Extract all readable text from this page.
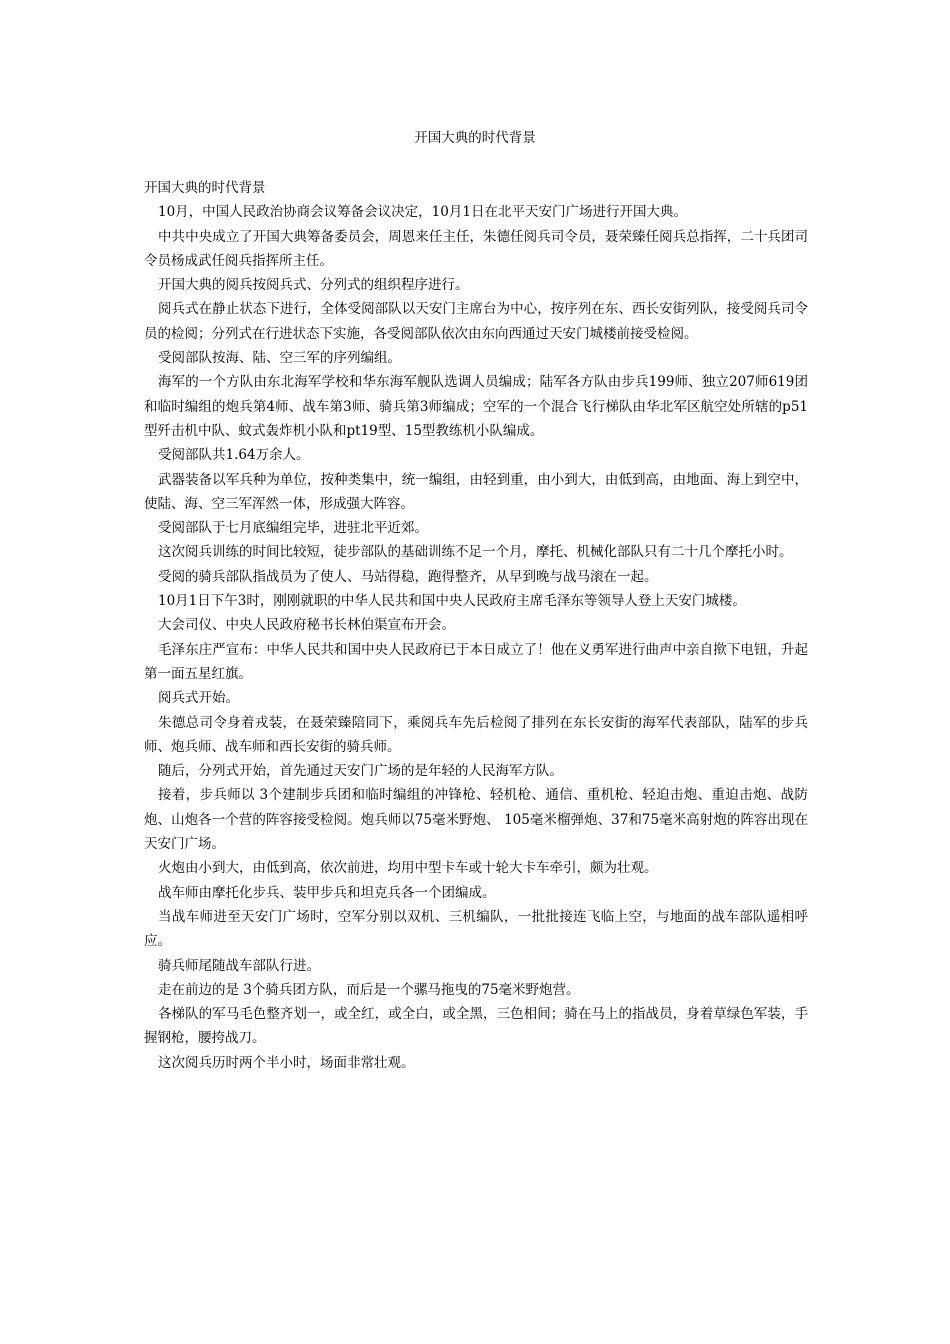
开国大典的时代背景

开国大典的时代背景

10月，中国人民政治协商会议筹备会议决定，10月1日在北平天安门广场进行开国大典。

中共中央成立了开国大典筹备委员会，周恩来任主任，朱德任阅兵司令员，聂荣臻任阅兵总指挥，二十兵团司令员杨成武任阅兵指挥所主任。

开国大典的阅兵按阅兵式、分列式的组织程序进行。

阅兵式在静止状态下进行，全体受阅部队以天安门主席台为中心，按序列在东、西长安街列队，接受阅兵司令员的检阅；分列式在行进状态下实施，各受阅部队依次由东向西通过天安门城楼前接受检阅。

受阅部队按海、陆、空三军的序列编组。

海军的一个方队由东北海军学校和华东海军舰队选调人员编成；陆军各方队由步兵199师、独立207师619团和临时编组的炮兵第4师、战车第3师、骑兵第3师编成；空军的一个混合飞行梯队由华北军区航空处所辖的p51型歼击机中队、蚊式轰炸机小队和pt19型、15型教练机小队编成。

受阅部队共1.64万余人。

武器装备以军兵种为单位，按种类集中，统一编组，由轻到重，由小到大，由低到高，由地面、海上到空中，使陆、海、空三军浑然一体，形成强大阵容。

受阅部队于七月底编组完毕，进驻北平近郊。

这次阅兵训练的时间比较短，徒步部队的基础训练不足一个月，摩托、机械化部队只有二十几个摩托小时。

受阅的骑兵部队指战员为了使人、马站得稳，跑得整齐，从早到晚与战马滚在一起。

10月1日下午3时，刚刚就职的中华人民共和国中央人民政府主席毛泽东等领导人登上天安门城楼。

大会司仪、中央人民政府秘书长林伯渠宣布开会。

毛泽东庄严宣布：中华人民共和国中央人民政府已于本日成立了！他在义勇军进行曲声中亲自揿下电钮，升起第一面五星红旗。

阅兵式开始。

朱德总司令身着戎装，在聂荣臻陪同下，乘阅兵车先后检阅了排列在东长安街的海军代表部队，陆军的步兵师、炮兵师、战车师和西长安街的骑兵师。

随后，分列式开始，首先通过天安门广场的是年轻的人民海军方队。

接着，步兵师以 3个建制步兵团和临时编组的冲锋枪、轻机枪、通信、重机枪、轻迫击炮、重迫击炮、战防炮、山炮各一个营的阵容接受检阅。炮兵师以75毫米野炮、 105毫米榴弹炮、37和75毫米高射炮的阵容出现在天安门广场。

火炮由小到大，由低到高，依次前进，均用中型卡车或十轮大卡车牵引，颇为壮观。

战车师由摩托化步兵、装甲步兵和坦克兵各一个团编成。

当战车师进至天安门广场时，空军分别以双机、三机编队，一批批接连飞临上空，与地面的战车部队遥相呼应。

骑兵师尾随战车部队行进。

走在前边的是 3个骑兵团方队，而后是一个骡马拖曳的75毫米野炮营。

各梯队的军马毛色整齐划一，或全红，或全白，或全黑，三色相间；骑在马上的指战员，身着草绿色军装，手握钢枪，腰挎战刀。

这次阅兵历时两个半小时，场面非常壮观。
